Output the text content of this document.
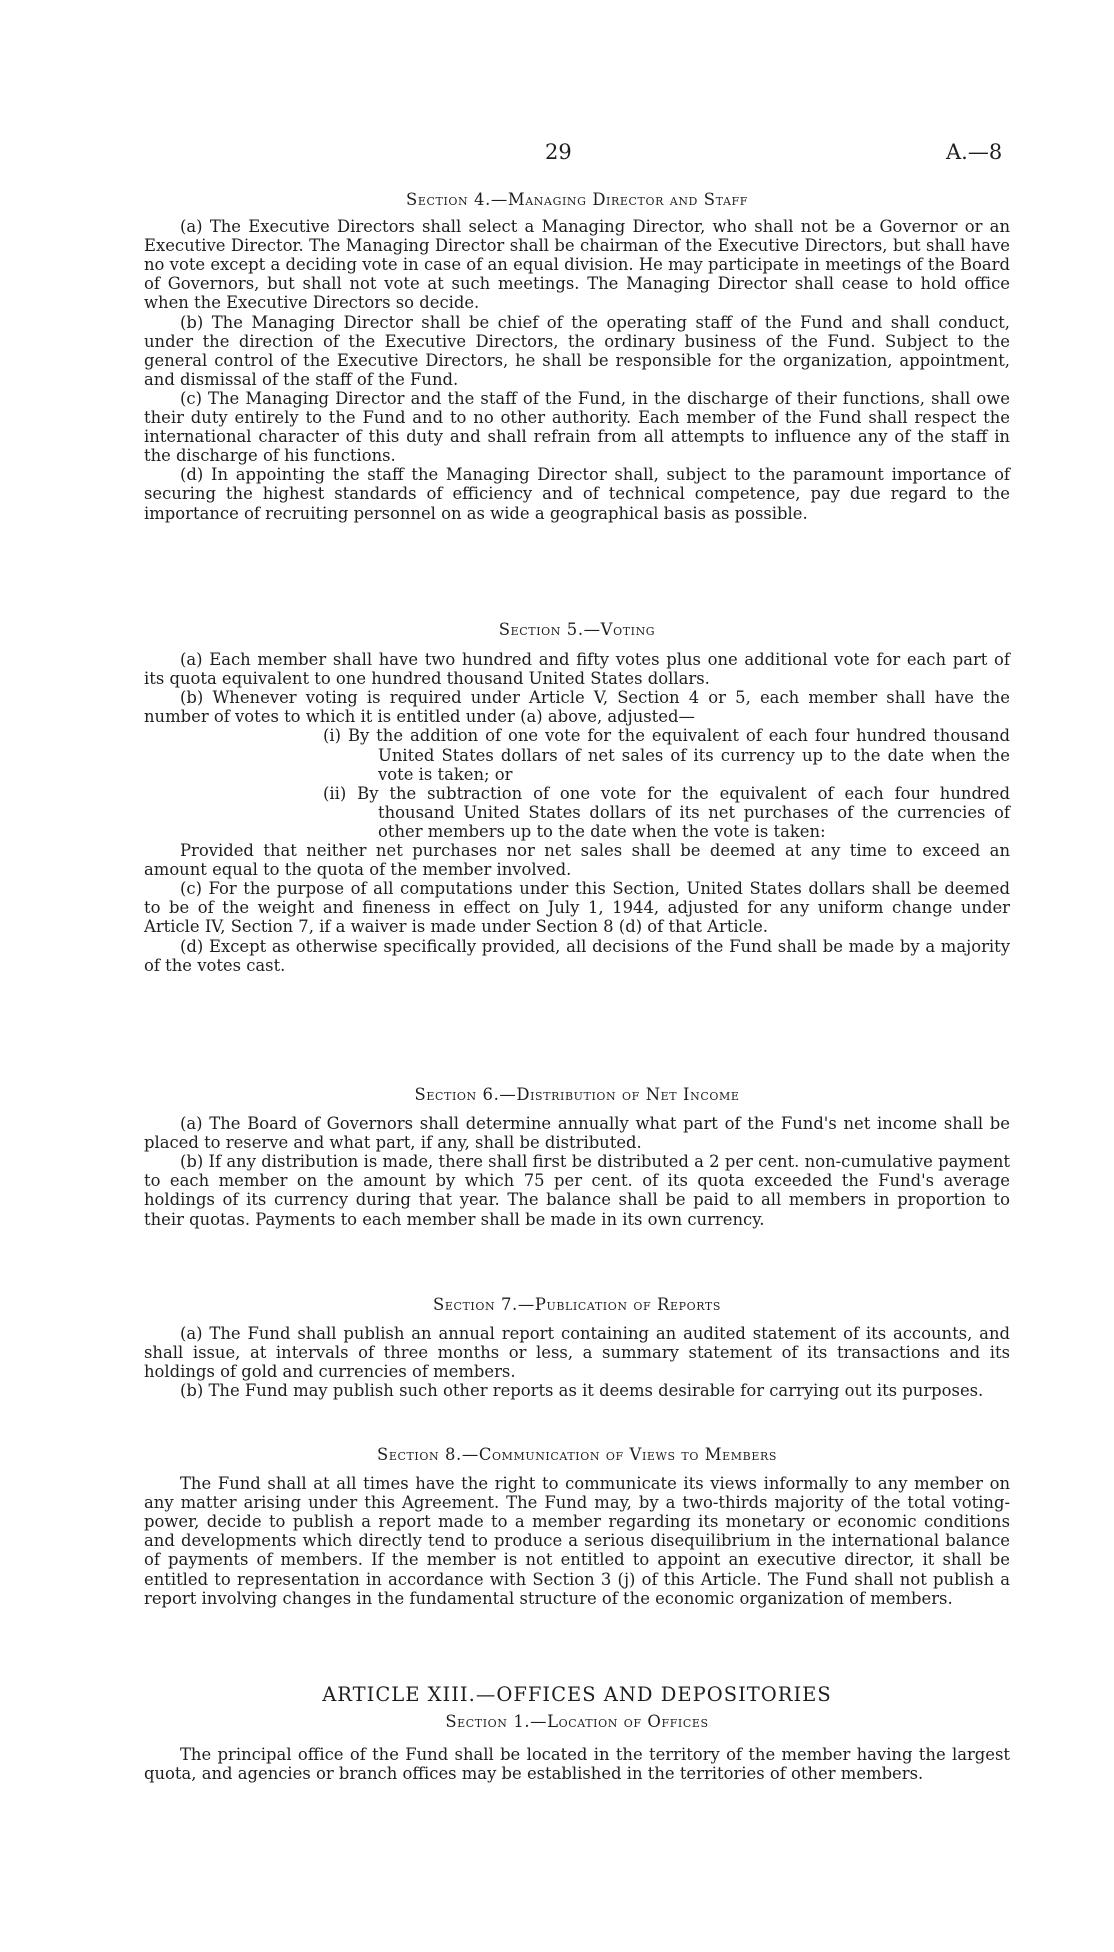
29	A.—8
Section 4.—Managing Director and Staff

(a) The Executive Directors shall select a Managing Director, who shall not be a Governor or an Executive Director. The Managing Director shall be chairman of the Executive Directors, but shall have no vote except a deciding vote in case of an equal division. He may participate in meetings of the Board of Governors, but shall not vote at such meetings. The Managing Director shall cease to hold office when the Executive Directors so decide.

(b) The Managing Director shall be chief of the operating staff of the Fund and shall conduct, under the direction of the Executive Directors, the ordinary business of the Fund. Subject to the general control of the Executive Directors, he shall be responsible for the organization, appointment, and dismissal of the staff of the Fund.

(c) The Managing Director and the staff of the Fund, in the discharge of their functions, shall owe their duty entirely to the Fund and to no other authority. Each member of the Fund shall respect the international character of this duty and shall refrain from all attempts to influence any of the staff in the discharge of his functions.

(d) In appointing the staff the Managing Director shall, subject to the paramount importance of securing the highest standards of efficiency and of technical competence, pay due regard to the importance of recruiting personnel on as wide a geographical basis as possible.

Section 5.—Voting

(a) Each member shall have two hundred and fifty votes plus one additional vote for each part of its quota equivalent to one hundred thousand United States dollars.

(b) Whenever voting is required under Article V, Section 4 or 5, each member shall have the number of votes to which it is entitled under (a) above, adjusted—

(i) By the addition of one vote for the equivalent of each four hundred thousand United States dollars of net sales of its currency up to the date when the vote is taken; or

(ii) By the subtraction of one vote for the equivalent of each four hundred thousand United States dollars of its net purchases of the currencies of other members up to the date when the vote is taken:

Provided that neither net purchases nor net sales shall be deemed at any time to exceed an amount equal to the quota of the member involved.

(c) For the purpose of all computations under this Section, United States dollars shall be deemed to be of the weight and fineness in effect on July 1, 1944, adjusted for any uniform change under Article IV, Section 7, if a waiver is made under Section 8 (d) of that Article.

(d) Except as otherwise specifically provided, all decisions of the Fund shall be made by a majority of the votes cast.

Section 6.—Distribution of Net Income

(a) The Board of Governors shall determine annually what part of the Fund's net income shall be placed to reserve and what part, if any, shall be distributed.

(b) If any distribution is made, there shall first be distributed a 2 per cent. non-cumulative payment to each member on the amount by which 75 per cent. of its quota exceeded the Fund's average holdings of its currency during that year. The balance shall be paid to all members in proportion to their quotas. Payments to each member shall be made in its own currency.

Section 7.—Publication of Reports

(a) The Fund shall publish an annual report containing an audited statement of its accounts, and shall issue, at intervals of three months or less, a summary statement of its transactions and its holdings of gold and currencies of members.

(b) The Fund may publish such other reports as it deems desirable for carrying out its purposes.

Section 8.—Communication of Views to Members

The Fund shall at all times have the right to communicate its views informally to any member on any matter arising under this Agreement. The Fund may, by a two-thirds majority of the total voting-power, decide to publish a report made to a member regarding its monetary or economic conditions and developments which directly tend to produce a serious disequilibrium in the international balance of payments of members. If the member is not entitled to appoint an executive director, it shall be entitled to representation in accordance with Section 3 (j) of this Article. The Fund shall not publish a report involving changes in the fundamental structure of the economic organization of members.

ARTICLE XIII.—OFFICES AND DEPOSITORIES
Section 1.—Location of Offices

The principal office of the Fund shall be located in the territory of the member having the largest quota, and agencies or branch offices may be established in the territories of other members.
